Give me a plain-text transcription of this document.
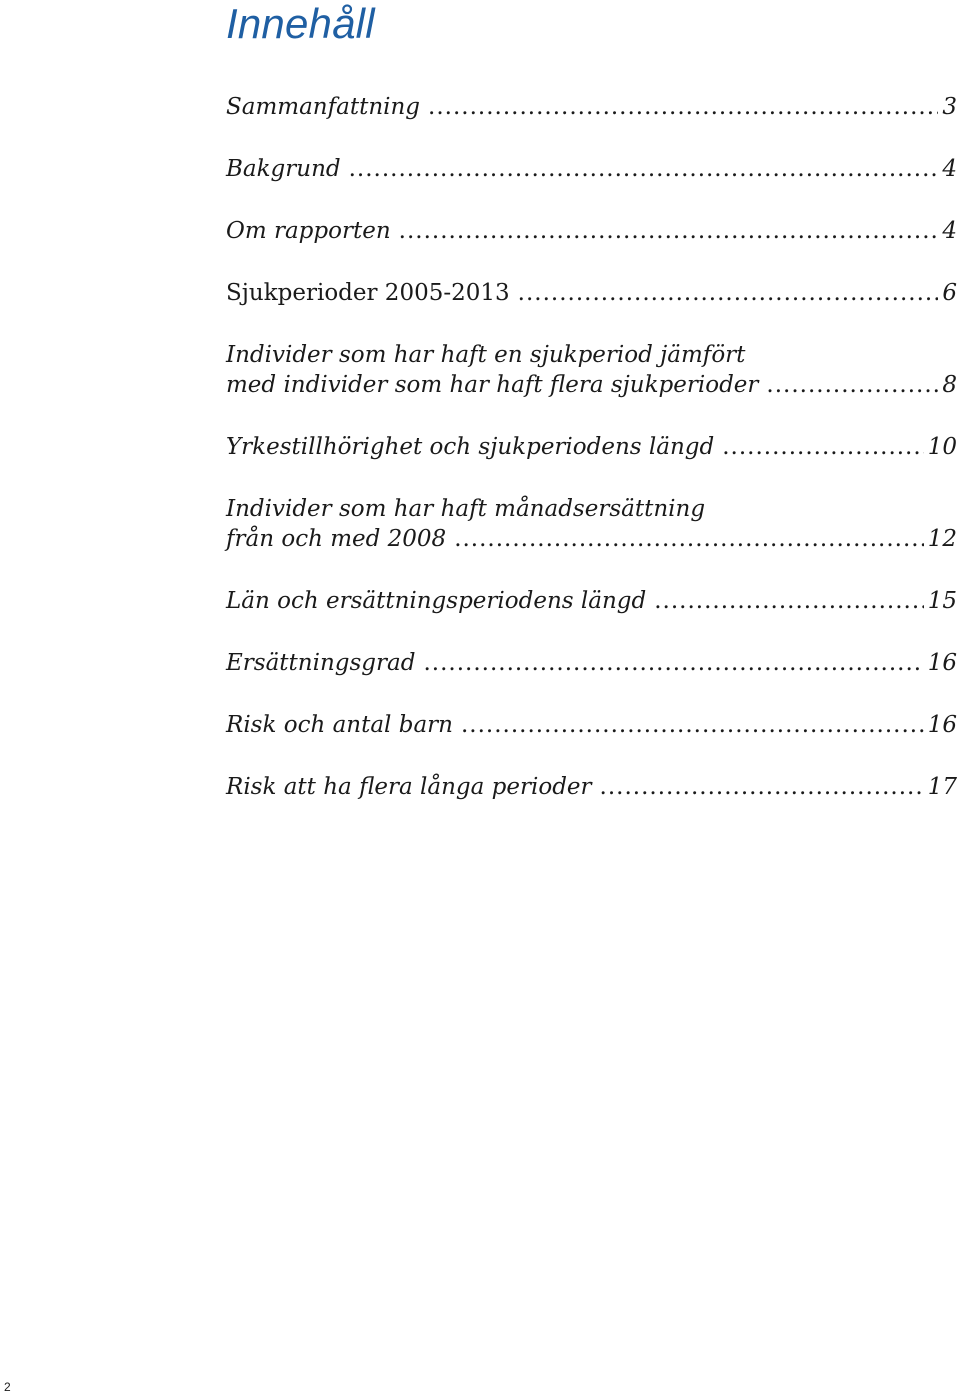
Innehåll
Sammanfattning .....	3
Bakgrund .....	4
Om rapporten .....	4
Sjukperioder 2005-2013 .....	6
Individer som har haft en sjukperiod jämfört
med individer som har haft flera sjukperioder .....	8
Yrkestillhörighet och sjukperiodens längd .....	10
Individer som har haft månadsersättning
från och med 2008 .....	12
Län och ersättningsperiodens längd .....	15
Ersättningsgrad .....	16
Risk och antal barn .....	16
Risk att ha flera långa perioder .....	17
2
